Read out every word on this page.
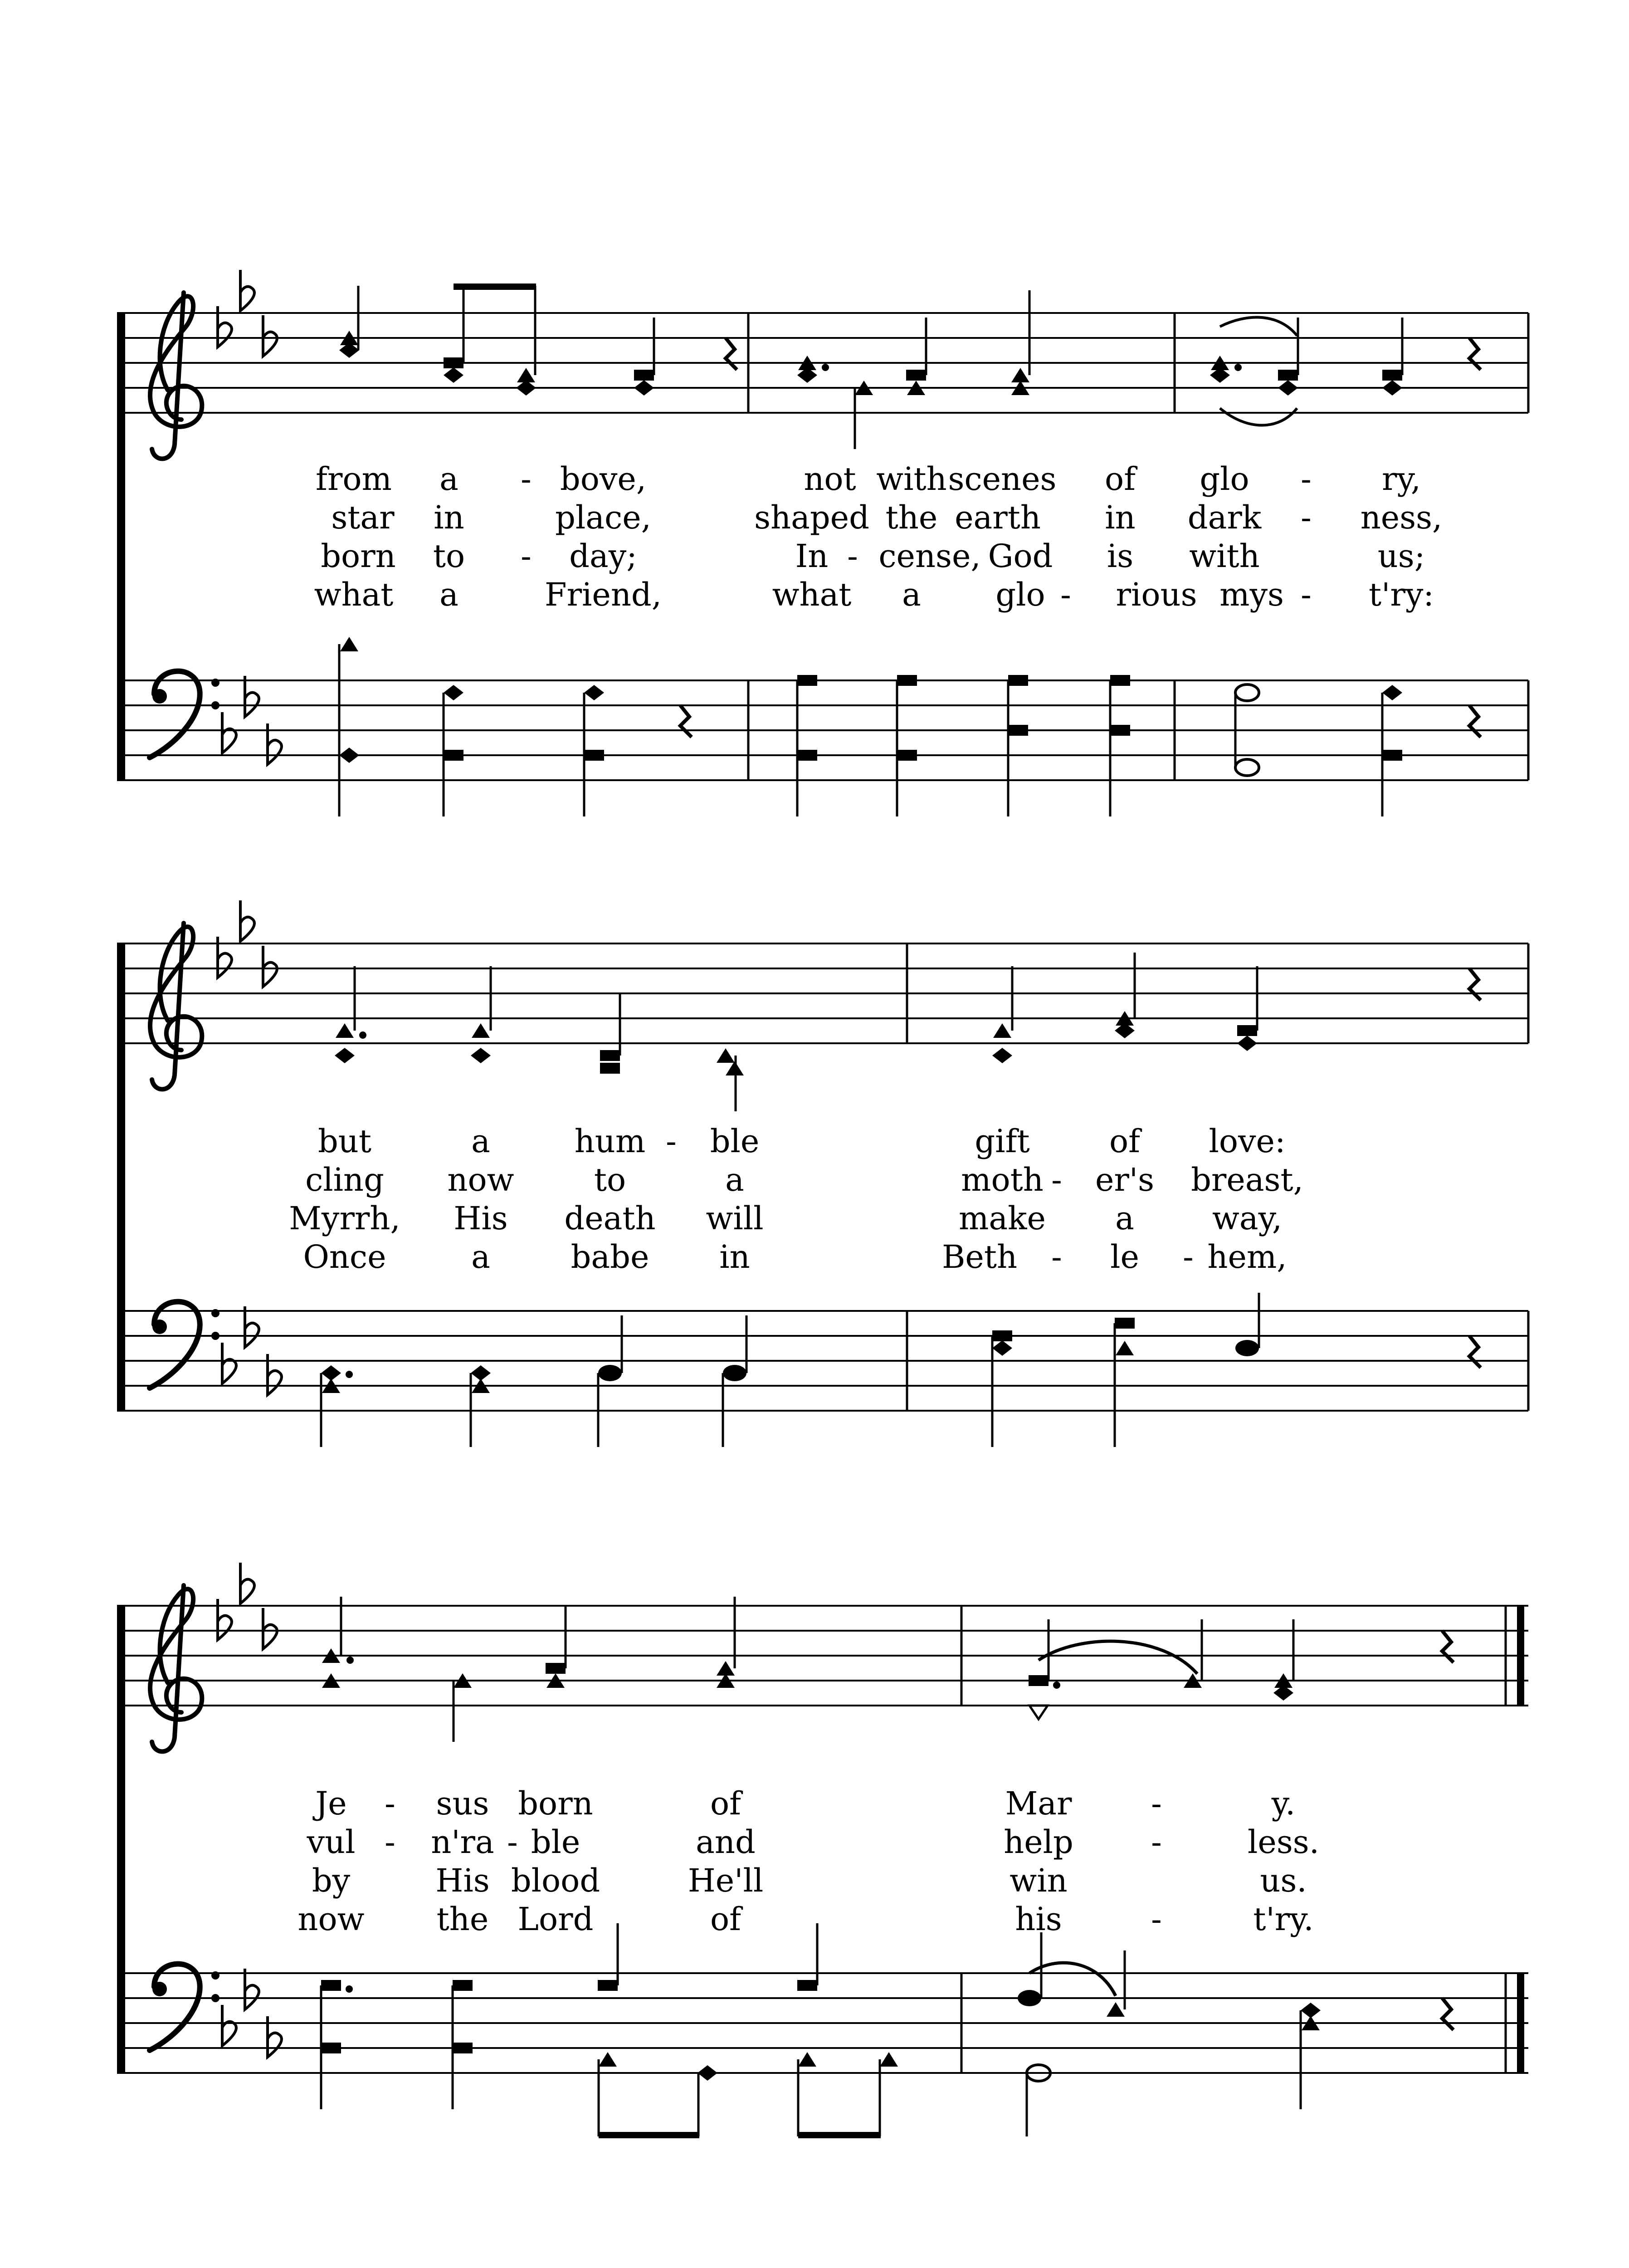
from a - bove,	not with scenes of glo - ry,
star in	place,	shaped the earth in dark - ness,
born to - day;	In - cense, God is with	us;
what a	Friend,	what a glo - rious mys - t'ry:
but	a	hum - ble	gift	of love:
cling now	to	a	moth - er's breast,
Myrrh, His death will	make a way,
Once	a	babe in	Beth - le - hem,
Je - sus born	of	Mar -	y.
vul - n'ra - ble	and	help -	less.
by	His blood	He'll	win	us.
now the Lord	of	his	-	t'ry.
